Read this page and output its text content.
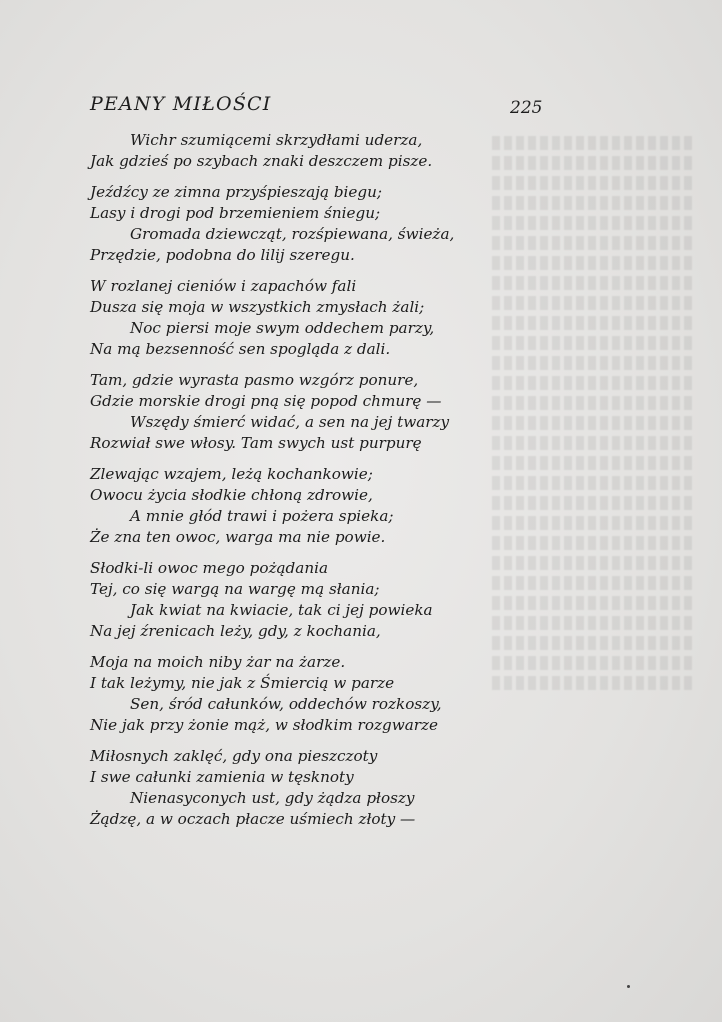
PEANY MIŁOŚCI	225
Wichr szumiącemi skrzydłami uderza,
Jak gdzieś po szybach znaki deszczem pisze.
Jeźdźcy ze zimna przyśpieszają biegu;
Lasy i drogi pod brzemieniem śniegu;
Gromada dziewcząt, rozśpiewana, świeża,
Przędzie, podobna do lilij szeregu.
W rozlanej cieniów i zapachów fali
Dusza się moja w wszystkich zmysłach żali;
Noc piersi moje swym oddechem parzy,
Na mą bezsenność sen spogląda z dali.
Tam, gdzie wyrasta pasmo wzgórz ponure,
Gdzie morskie drogi pną się popod chmurę —
Wszędy śmierć widać, a sen na jej twarzy
Rozwiał swe włosy. Tam swych ust purpurę
Zlewając wzajem, leżą kochankowie;
Owocu życia słodkie chłoną zdrowie,
A mnie głód trawi i pożera spieka;
Że zna ten owoc, warga ma nie powie.
Słodki-li owoc mego pożądania
Tej, co się wargą na wargę mą słania;
Jak kwiat na kwiacie, tak ci jej powieka
Na jej źrenicach leży, gdy, z kochania,
Moja na moich niby żar na żarze.
I tak leżymy, nie jak z Śmiercią w parze
Sen, śród całunków, oddechów rozkoszy,
Nie jak przy żonie mąż, w słodkim rozgwarze
Miłosnych zaklęć, gdy ona pieszczoty
I swe całunki zamienia w tęsknoty
Nienasyconych ust, gdy żądza płoszy
Żądzę, a w oczach płacze uśmiech złoty —
